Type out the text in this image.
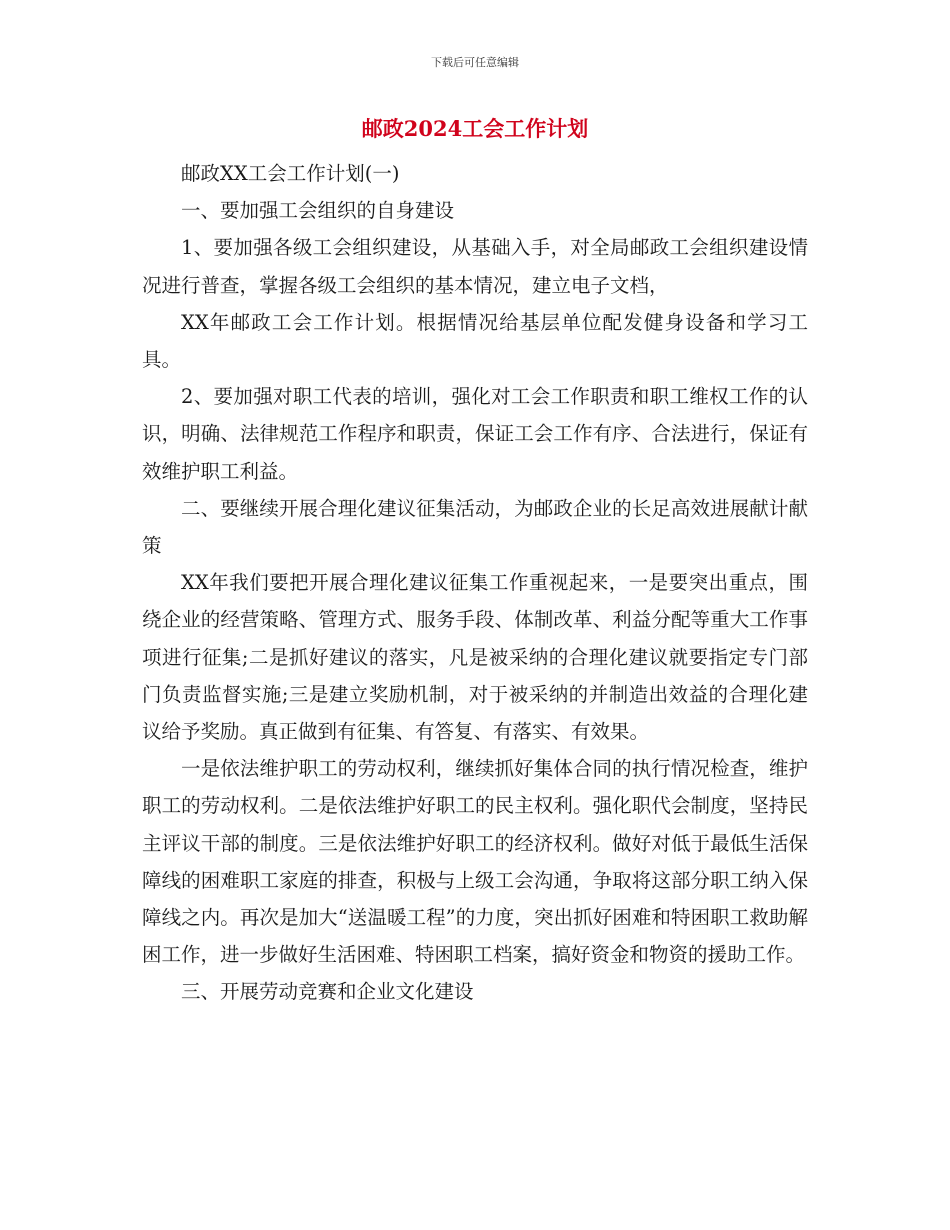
下载后可任意编辑
邮政2024工会工作计划

邮政XX工会工作计划(一)

一、要加强工会组织的自身建设

1、要加强各级工会组织建设，从基础入手，对全局邮政工会组织建设情况进行普查，掌握各级工会组织的基本情况，建立电子文档，

XX年邮政工会工作计划。根据情况给基层单位配发健身设备和学习工具。

2、要加强对职工代表的培训，强化对工会工作职责和职工维权工作的认识，明确、法律规范工作程序和职责，保证工会工作有序、合法进行，保证有效维护职工利益。

二、要继续开展合理化建议征集活动，为邮政企业的长足高效进展献计献策

XX年我们要把开展合理化建议征集工作重视起来，一是要突出重点，围绕企业的经营策略、管理方式、服务手段、体制改革、利益分配等重大工作事项进行征集;二是抓好建议的落实，凡是被采纳的合理化建议就要指定专门部门负责监督实施;三是建立奖励机制，对于被采纳的并制造出效益的合理化建议给予奖励。真正做到有征集、有答复、有落实、有效果。

一是依法维护职工的劳动权利，继续抓好集体合同的执行情况检查，维护职工的劳动权利。二是依法维护好职工的民主权利。强化职代会制度，坚持民主评议干部的制度。三是依法维护好职工的经济权利。做好对低于最低生活保障线的困难职工家庭的排查，积极与上级工会沟通，争取将这部分职工纳入保障线之内。再次是加大“送温暖工程”的力度，突出抓好困难和特困职工救助解困工作，进一步做好生活困难、特困职工档案，搞好资金和物资的援助工作。

三、开展劳动竞赛和企业文化建设
